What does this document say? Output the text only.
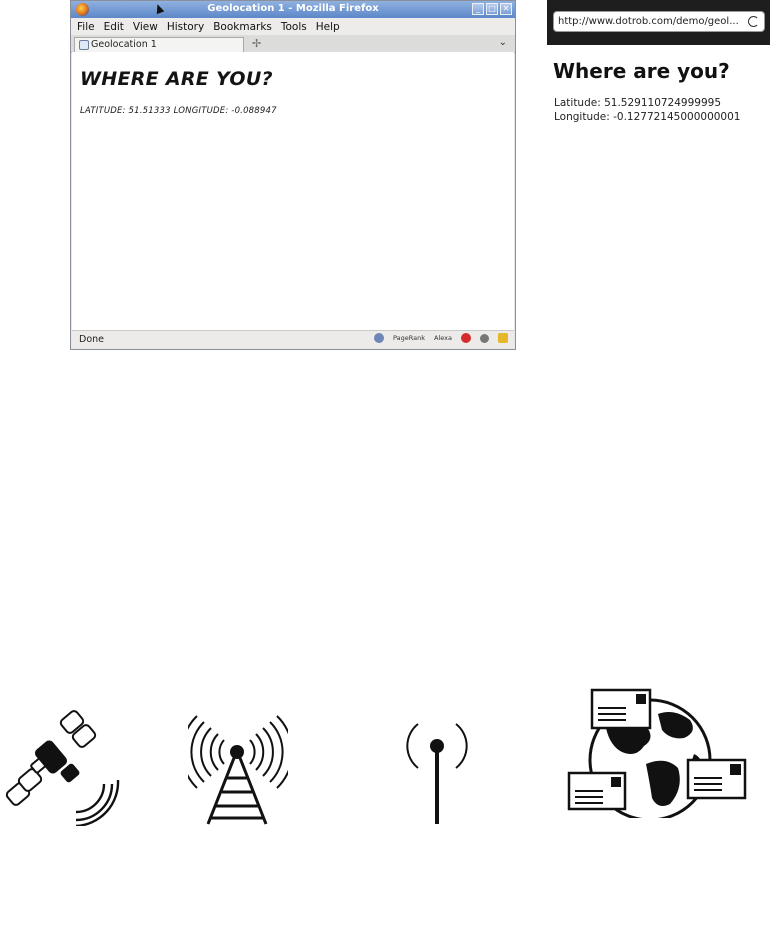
Geolocation 1 - Mozilla Firefox	_	□ ✕
File Edit View History Bookmarks Tools Help
Geolocation 1	✢	⌄
WHERE ARE YOU?
LATITUDE: 51.51333 LONGITUDE: -0.088947
Done	PageRank Alexa
http://www.dotrob.com/demo/geol...
Where are you?
Latitude: 51.529110724999995
Longitude: -0.12772145000000001
